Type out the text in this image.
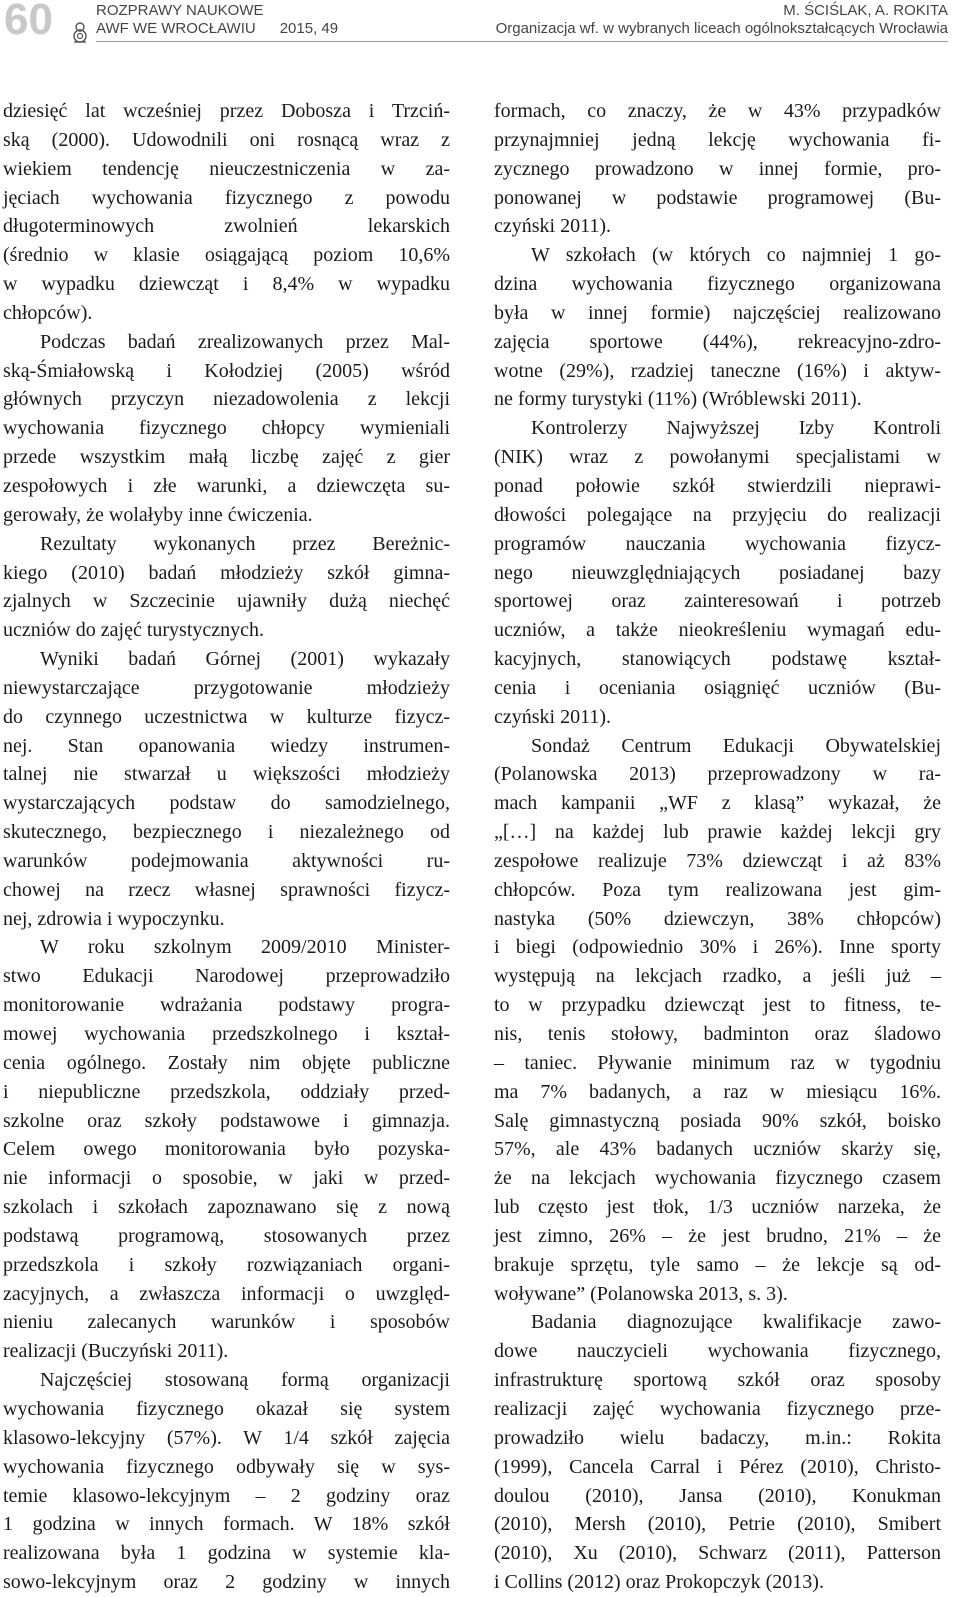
60	ROZPRAWY NAUKOWE
AWF WE WROCŁAWIU 2015, 49
M. ŚCIŚLAK, A. ROKITA
Organizacja wf. w wybranych liceach ogólnokształcących Wrocławia

dziesięć lat wcześniej przez Dobosza i Trzciń-

ską (2000). Udowodnili oni rosnącą wraz z

wiekiem tendencję nieuczestniczenia w za-

jęciach wychowania fizycznego z powodu

długoterminowych zwolnień lekarskich

(średnio w klasie osiągającą poziom 10,6%

w wypadku dziewcząt i 8,4% w wypadku

chłopców).

Podczas badań zrealizowanych przez Mal-

ską-Śmiałowską i Kołodziej (2005) wśród

głównych przyczyn niezadowolenia z lekcji

wychowania fizycznego chłopcy wymieniali

przede wszystkim małą liczbę zajęć z gier

zespołowych i złe warunki, a dziewczęta su-

gerowały, że wolałyby inne ćwiczenia.

Rezultaty wykonanych przez Bereżnic-

kiego (2010) badań młodzieży szkół gimna-

zjalnych w Szczecinie ujawniły dużą niechęć

uczniów do zajęć turystycznych.

Wyniki badań Górnej (2001) wykazały

niewystarczające przygotowanie młodzieży

do czynnego uczestnictwa w kulturze fizycz-

nej. Stan opanowania wiedzy instrumen-

talnej nie stwarzał u większości młodzieży

wystarczających podstaw do samodzielnego,

skutecznego, bezpiecznego i niezależnego od

warunków podejmowania aktywności ru-

chowej na rzecz własnej sprawności fizycz-

nej, zdrowia i wypoczynku.

W roku szkolnym 2009/2010 Minister-

stwo Edukacji Narodowej przeprowadziło

monitorowanie wdrażania podstawy progra-

mowej wychowania przedszkolnego i kształ-

cenia ogólnego. Zostały nim objęte publiczne

i niepubliczne przedszkola, oddziały przed-

szkolne oraz szkoły podstawowe i gimnazja.

Celem owego monitorowania było pozyska-

nie informacji o sposobie, w jaki w przed-

szkolach i szkołach zapoznawano się z nową

podstawą programową, stosowanych przez

przedszkola i szkoły rozwiązaniach organi-

zacyjnych, a zwłaszcza informacji o uwzględ-

nieniu zalecanych warunków i sposobów

realizacji (Buczyński 2011).

Najczęściej stosowaną formą organizacji

wychowania fizycznego okazał się system

klasowo-lekcyjny (57%). W 1/4 szkół zajęcia

wychowania fizycznego odbywały się w sys-

temie klasowo-lekcyjnym – 2 godziny oraz

1 godzina w innych formach. W 18% szkół

realizowana była 1 godzina w systemie kla-

sowo-lekcyjnym oraz 2 godziny w innych

formach, co znaczy, że w 43% przypadków

przynajmniej jedną lekcję wychowania fi-

zycznego prowadzono w innej formie, pro-

ponowanej w podstawie programowej (Bu-

czyński 2011).

W szkołach (w których co najmniej 1 go-

dzina wychowania fizycznego organizowana

była w innej formie) najczęściej realizowano

zajęcia sportowe (44%), rekreacyjno-zdro-

wotne (29%), rzadziej taneczne (16%) i aktyw-

ne formy turystyki (11%) (Wróblewski 2011).

Kontrolerzy Najwyższej Izby Kontroli

(NIK) wraz z powołanymi specjalistami w

ponad połowie szkół stwierdzili nieprawi-

dłowości polegające na przyjęciu do realizacji

programów nauczania wychowania fizycz-

nego nieuwzględniających posiadanej bazy

sportowej oraz zainteresowań i potrzeb

uczniów, a także nieokreśleniu wymagań edu-

kacyjnych, stanowiących podstawę kształ-

cenia i oceniania osiągnięć uczniów (Bu-

czyński 2011).

Sondaż Centrum Edukacji Obywatelskiej

(Polanowska 2013) przeprowadzony w ra-

mach kampanii „WF z klasą” wykazał, że

„[…] na każdej lub prawie każdej lekcji gry

zespołowe realizuje 73% dziewcząt i aż 83%

chłopców. Poza tym realizowana jest gim-

nastyka (50% dziewczyn, 38% chłopców)

i biegi (odpowiednio 30% i 26%). Inne sporty

występują na lekcjach rzadko, a jeśli już –

to w przypadku dziewcząt jest to fitness, te-

nis, tenis stołowy, badminton oraz śladowo

– taniec. Pływanie minimum raz w tygodniu

ma 7% badanych, a raz w miesiącu 16%.

Salę gimnastyczną posiada 90% szkół, boisko

57%, ale 43% badanych uczniów skarży się,

że na lekcjach wychowania fizycznego czasem

lub często jest tłok, 1/3 uczniów narzeka, że

jest zimno, 26% – że jest brudno, 21% – że

brakuje sprzętu, tyle samo – że lekcje są od-

woływane” (Polanowska 2013, s. 3).

Badania diagnozujące kwalifikacje zawo-

dowe nauczycieli wychowania fizycznego,

infrastrukturę sportową szkół oraz sposoby

realizacji zajęć wychowania fizycznego prze-

prowadziło wielu badaczy, m.in.: Rokita

(1999), Cancela Carral i Pérez (2010), Christo-

doulou (2010), Jansa (2010), Konukman

(2010), Mersh (2010), Petrie (2010), Smibert

(2010), Xu (2010), Schwarz (2011), Patterson

i Collins (2012) oraz Prokopczyk (2013).
